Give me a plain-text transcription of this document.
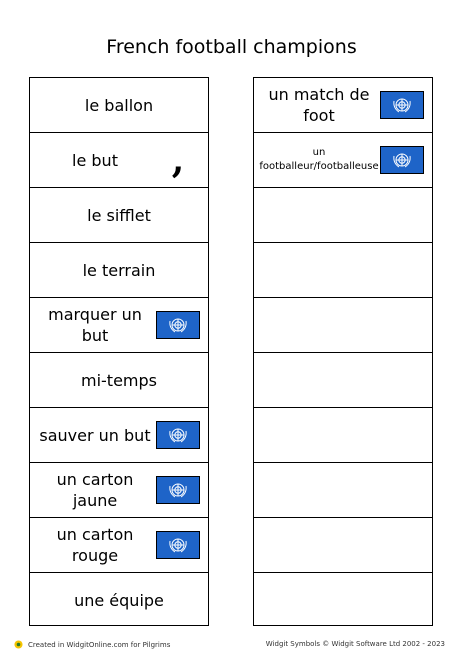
French football champions
le ballon
le but	,
le sifflet
le terrain
marquer un but
mi-temps
sauver un but
un carton jaune
un carton rouge
une équipe
un match de foot
un footballeur/footballeuse
Created in WidgitOnline.com for Pilgrims	Widgit Symbols © Widgit Software Ltd 2002 - 2023
